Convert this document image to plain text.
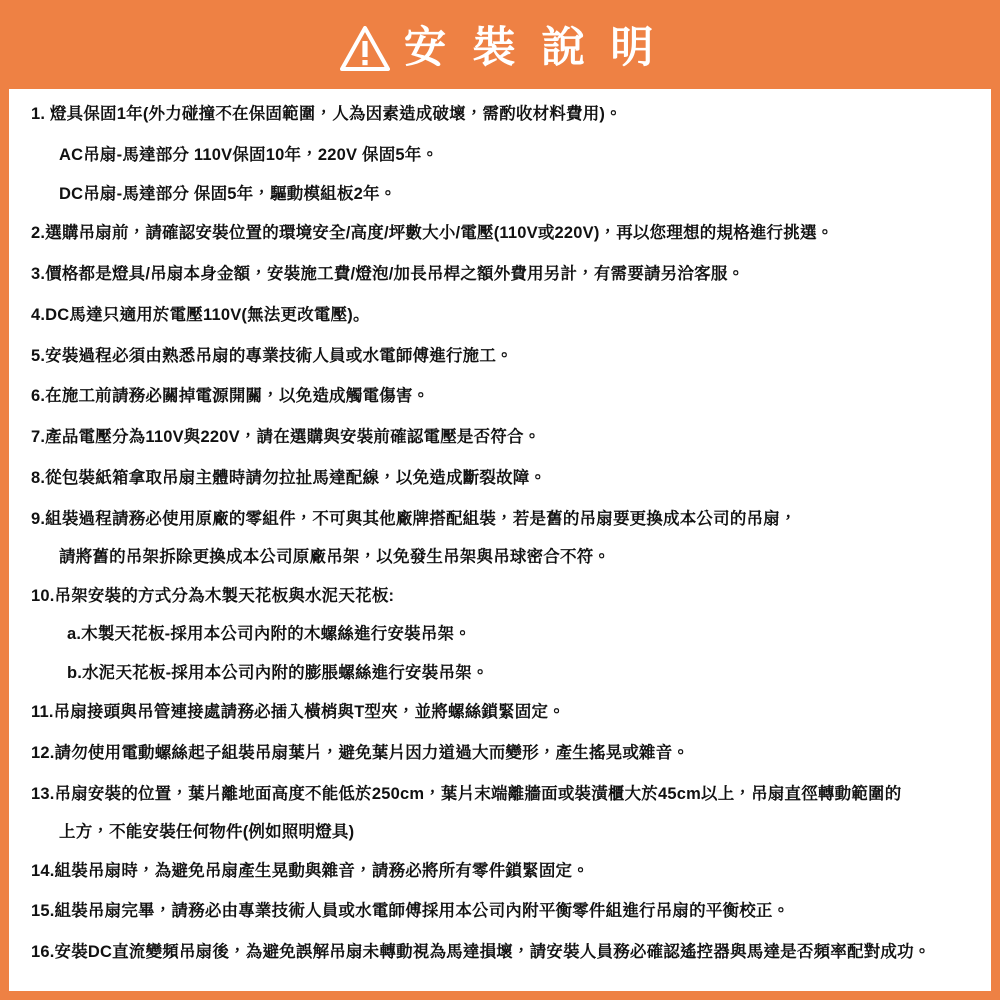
安 裝 說 明

1. 燈具保固1年(外力碰撞不在保固範圍，人為因素造成破壞，需酌收材料費用)。

AC吊扇-馬達部分 110V保固10年，220V 保固5年。

DC吊扇-馬達部分 保固5年，驅動模組板2年。

2.選購吊扇前，請確認安裝位置的環境安全/高度/坪數大小/電壓(110V或220V)，再以您理想的規格進行挑選。

3.價格都是燈具/吊扇本身金額，安裝施工費/燈泡/加長吊桿之額外費用另計，有需要請另洽客服。

4.DC馬達只適用於電壓110V(無法更改電壓)。

5.安裝過程必須由熟悉吊扇的專業技術人員或水電師傅進行施工。

6.在施工前請務必關掉電源開關，以免造成觸電傷害。

7.產品電壓分為110V與220V，請在選購與安裝前確認電壓是否符合。

8.從包裝紙箱拿取吊扇主體時請勿拉扯馬達配線，以免造成斷裂故障。

9.組裝過程請務必使用原廠的零組件，不可與其他廠牌搭配組裝，若是舊的吊扇要更換成本公司的吊扇，

請將舊的吊架拆除更換成本公司原廠吊架，以免發生吊架與吊球密合不符。

10.吊架安裝的方式分為木製天花板與水泥天花板:

a.木製天花板-採用本公司內附的木螺絲進行安裝吊架。

b.水泥天花板-採用本公司內附的膨脹螺絲進行安裝吊架。

11.吊扇接頭與吊管連接處請務必插入橫梢與T型夾，並將螺絲鎖緊固定。

12.請勿使用電動螺絲起子組裝吊扇葉片，避免葉片因力道過大而變形，產生搖晃或雜音。

13.吊扇安裝的位置，葉片離地面高度不能低於250cm，葉片末端離牆面或裝潢櫃大於45cm以上，吊扇直徑轉動範圍的

上方，不能安裝任何物件(例如照明燈具)

14.組裝吊扇時，為避免吊扇產生晃動與雜音，請務必將所有零件鎖緊固定。

15.組裝吊扇完畢，請務必由專業技術人員或水電師傅採用本公司內附平衡零件組進行吊扇的平衡校正。

16.安裝DC直流變頻吊扇後，為避免誤解吊扇未轉動視為馬達損壞，請安裝人員務必確認遙控器與馬達是否頻率配對成功。
